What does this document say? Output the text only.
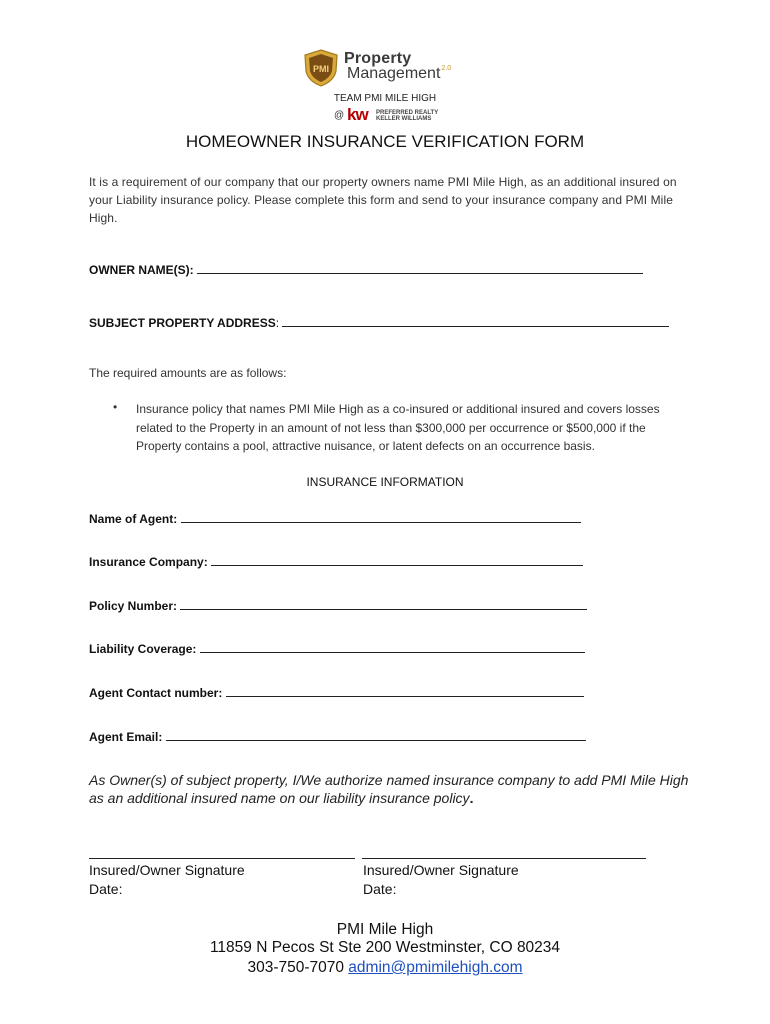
PMI
Property
Management$^{2.0}$
TEAM PMI MILE HIGH
@ kw PREFERRED REALTY
KELLER WILLIAMS
HOMEOWNER INSURANCE VERIFICATION FORM
It is a requirement of our company that our property owners name PMI Mile High, as an additional insured on your Liability insurance policy. Please complete this form and send to your insurance company and PMI Mile High.
OWNER NAME(S):
SUBJECT PROPERTY ADDRESS:
The required amounts are as follows:
• Insurance policy that names PMI Mile High as a co-insured or additional insured and covers losses related to the Property in an amount of not less than $300,000 per occurrence or $500,000 if the Property contains a pool, attractive nuisance, or latent defects on an occurrence basis.
INSURANCE INFORMATION
Name of Agent:
Insurance Company:
Policy Number:
Liability Coverage:
Agent Contact number:
Agent Email:
As Owner(s) of subject property, I/We authorize named insurance company to add PMI Mile High as an additional insured name on our liability insurance policy.
Insured/Owner Signature
Date:
Insured/Owner Signature
Date:
PMI Mile High
11859 N Pecos St Ste 200 Westminster, CO 80234
303-750-7070 admin@pmimilehigh.com
